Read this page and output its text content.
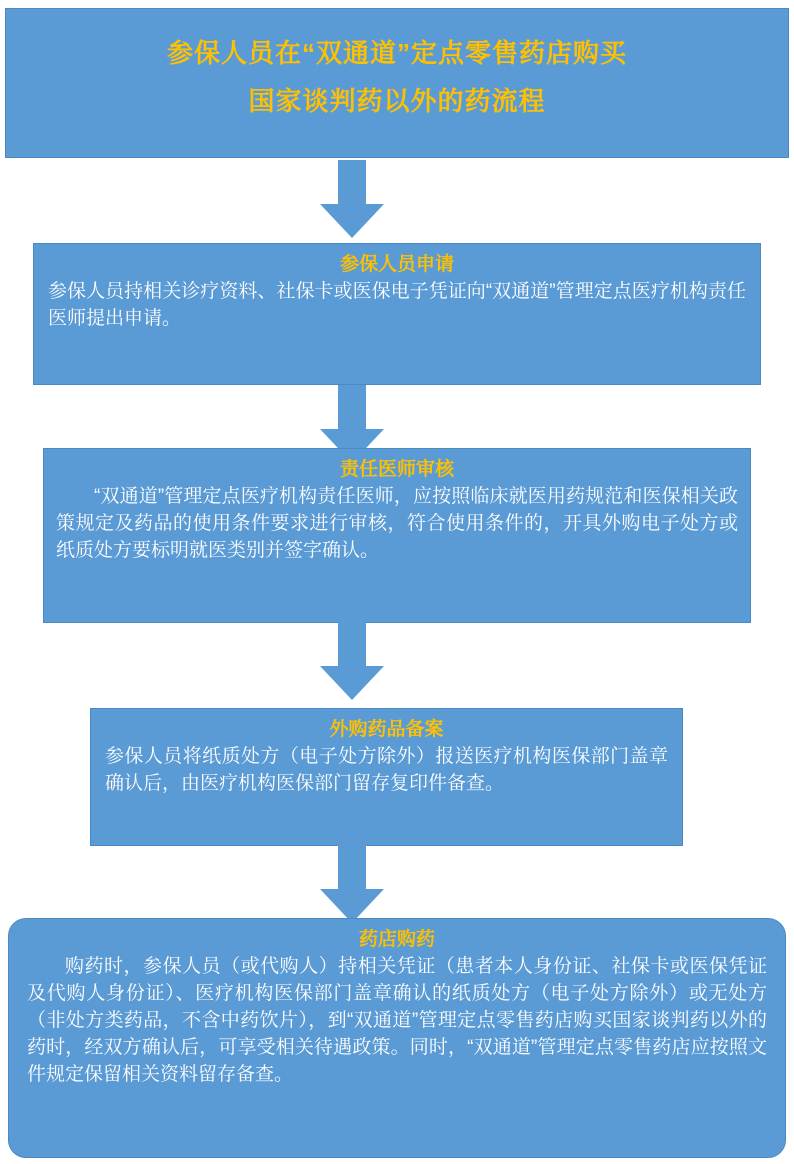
参保人员在“双通道”定点零售药店购买
国家谈判药以外的药流程
参保人员申请
参保人员持相关诊疗资料、社保卡或医保电子凭证向“双通道”管理定点医疗机构责任医师提出申请。
责任医师审核
“双通道”管理定点医疗机构责任医师，应按照临床就医用药规范和医保相关政策规定及药品的使用条件要求进行审核，符合使用条件的，开具外购电子处方或纸质处方要标明就医类别并签字确认。
外购药品备案
参保人员将纸质处方（电子处方除外）报送医疗机构医保部门盖章确认后，由医疗机构医保部门留存复印件备查。
药店购药
购药时，参保人员（或代购人）持相关凭证（患者本人身份证、社保卡或医保凭证及代购人身份证）、医疗机构医保部门盖章确认的纸质处方（电子处方除外）或无处方（非处方类药品，不含中药饮片），到“双通道”管理定点零售药店购买国家谈判药以外的药时，经双方确认后，可享受相关待遇政策。同时，“双通道”管理定点零售药店应按照文件规定保留相关资料留存备查。
